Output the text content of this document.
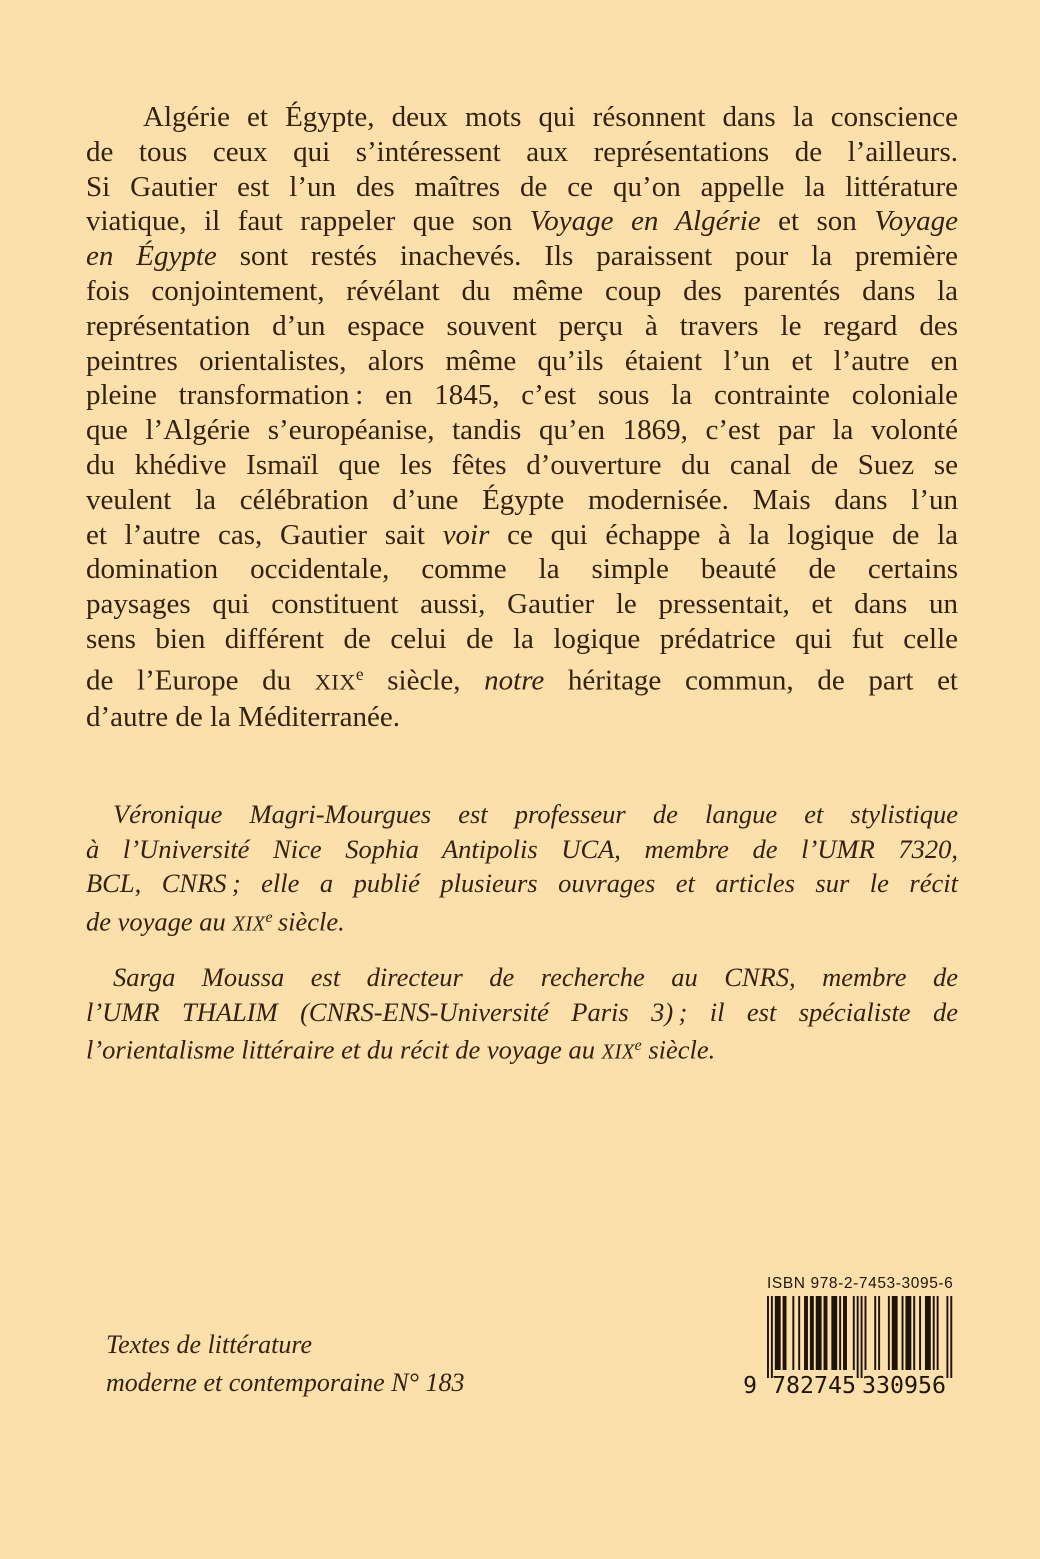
Algérie et Égypte, deux mots qui résonnent dans la conscience
de tous ceux qui s’intéressent aux représentations de l’ailleurs.
Si Gautier est l’un des maîtres de ce qu’on appelle la littérature
viatique, il faut rappeler que son Voyage en Algérie et son Voyage
en Égypte sont restés inachevés. Ils paraissent pour la première
fois conjointement, révélant du même coup des parentés dans la
représentation d’un espace souvent perçu à travers le regard des
peintres orientalistes, alors même qu’ils étaient l’un et l’autre en
pleine transformation : en 1845, c’est sous la contrainte coloniale
que l’Algérie s’européanise, tandis qu’en 1869, c’est par la volonté
du khédive Ismaïl que les fêtes d’ouverture du canal de Suez se
veulent la célébration d’une Égypte modernisée. Mais dans l’un
et l’autre cas, Gautier sait voir ce qui échappe à la logique de la
domination occidentale, comme la simple beauté de certains
paysages qui constituent aussi, Gautier le pressentait, et dans un
sens bien différent de celui de la logique prédatrice qui fut celle
de l’Europe du XIXe siècle, notre héritage commun, de part et
d’autre de la Méditerranée.
Véronique Magri-Mourgues est professeur de langue et stylistique
à l’Université Nice Sophia Antipolis UCA, membre de l’UMR 7320,
BCL, CNRS ; elle a publié plusieurs ouvrages et articles sur le récit
de voyage au XIXe siècle.
Sarga Moussa est directeur de recherche au CNRS, membre de
l’UMR THALIM (CNRS-ENS-Université Paris 3) ; il est spécialiste de
l’orientalisme littéraire et du récit de voyage au XIXe siècle.
Textes de littérature
moderne et contemporaine N° 183
ISBN 978-2-7453-3095-6
9 782745 330956
